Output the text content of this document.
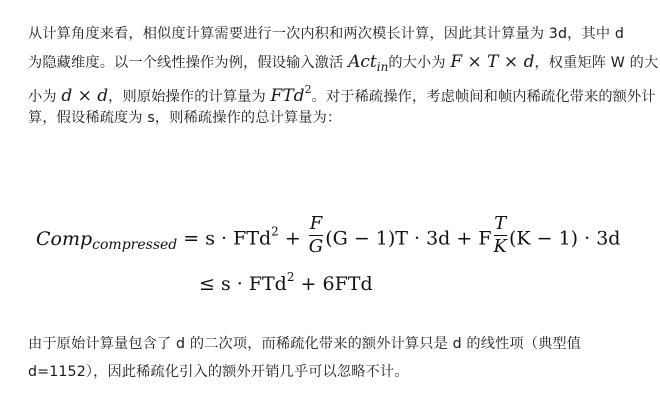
从计算角度来看，相似度计算需要进行一次内积和两次模长计算，因此其计算量为 3d，其中 d
为隐藏维度。以一个线性操作为例，假设输入激活 Act$_{in}$的大小为 F × T × d，权重矩阵 W 的大
小为 d × d，则原始操作的计算量为 FTd$^2$。对于稀疏操作，考虑帧间和帧内稀疏化带来的额外计
算，假设稀疏度为 s，则稀疏操作的总计算量为：
Comp$_{compressed}$ = $s \cdot FTd^2 + \frac{F}{G} (G - 1)T \cdot 3d + F \frac{T}{K} (K - 1) \cdot 3d$
≤ s · FTd$^2$ + 6FTd
由于原始计算量包含了 d 的二次项，而稀疏化带来的额外计算只是 d 的线性项（典型值
d=1152），因此稀疏化引入的额外开销几乎可以忽略不计。
